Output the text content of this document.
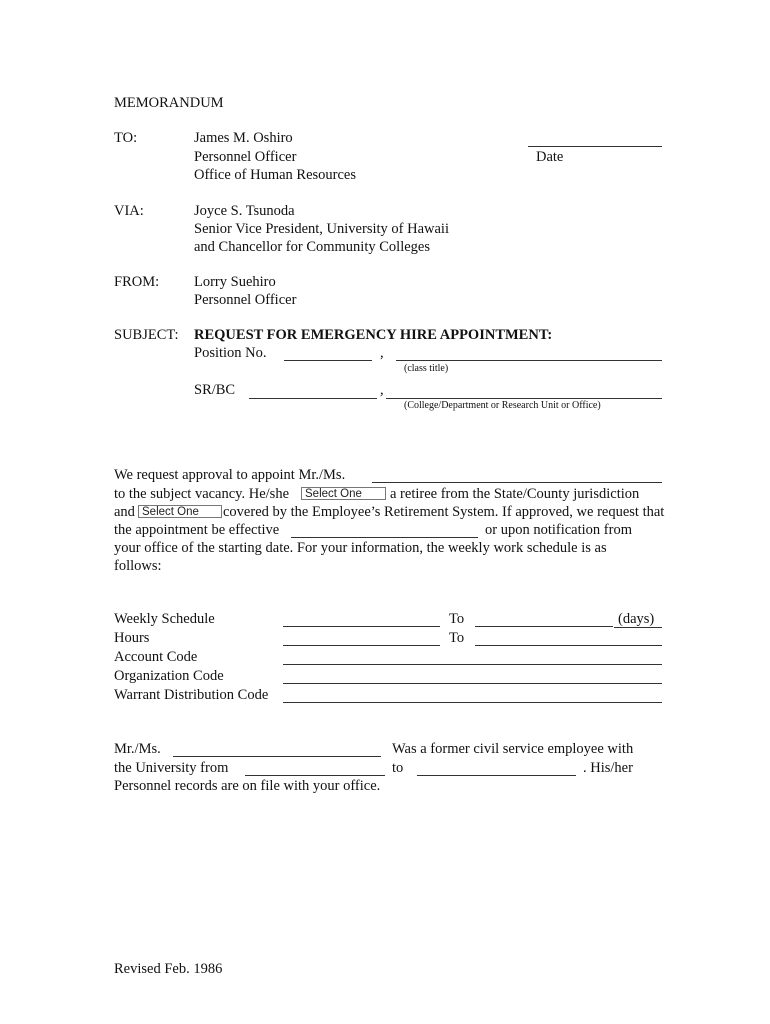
MEMORANDUM
TO:	James M. Oshiro
Personnel Officer
Office of Human Resources
Date
VIA:	Joyce S. Tsunoda
Senior Vice President, University of Hawaii
and Chancellor for Community Colleges
FROM: Lorry Suehiro
Personnel Officer
SUBJECT: REQUEST FOR EMERGENCY HIRE APPOINTMENT:
Position No.	,
(class title)
SR/BC	,
(College/Department or Research Unit or Office)
We request approval to appoint Mr./Ms.
to the subject vacancy. He/she	Select One	a retiree from the State/County jurisdiction
and Select One	covered by the Employee’s Retirement System. If approved, we request that
the appointment be effective	or upon notification from
your office of the starting date. For your information, the weekly work schedule is as
follows:
Weekly Schedule	To	(days)
Hours	To
Account Code
Organization Code
Warrant Distribution Code
Mr./Ms.	Was a former civil service employee with
the University from	to	. His/her
Personnel records are on file with your office.
Revised Feb. 1986
